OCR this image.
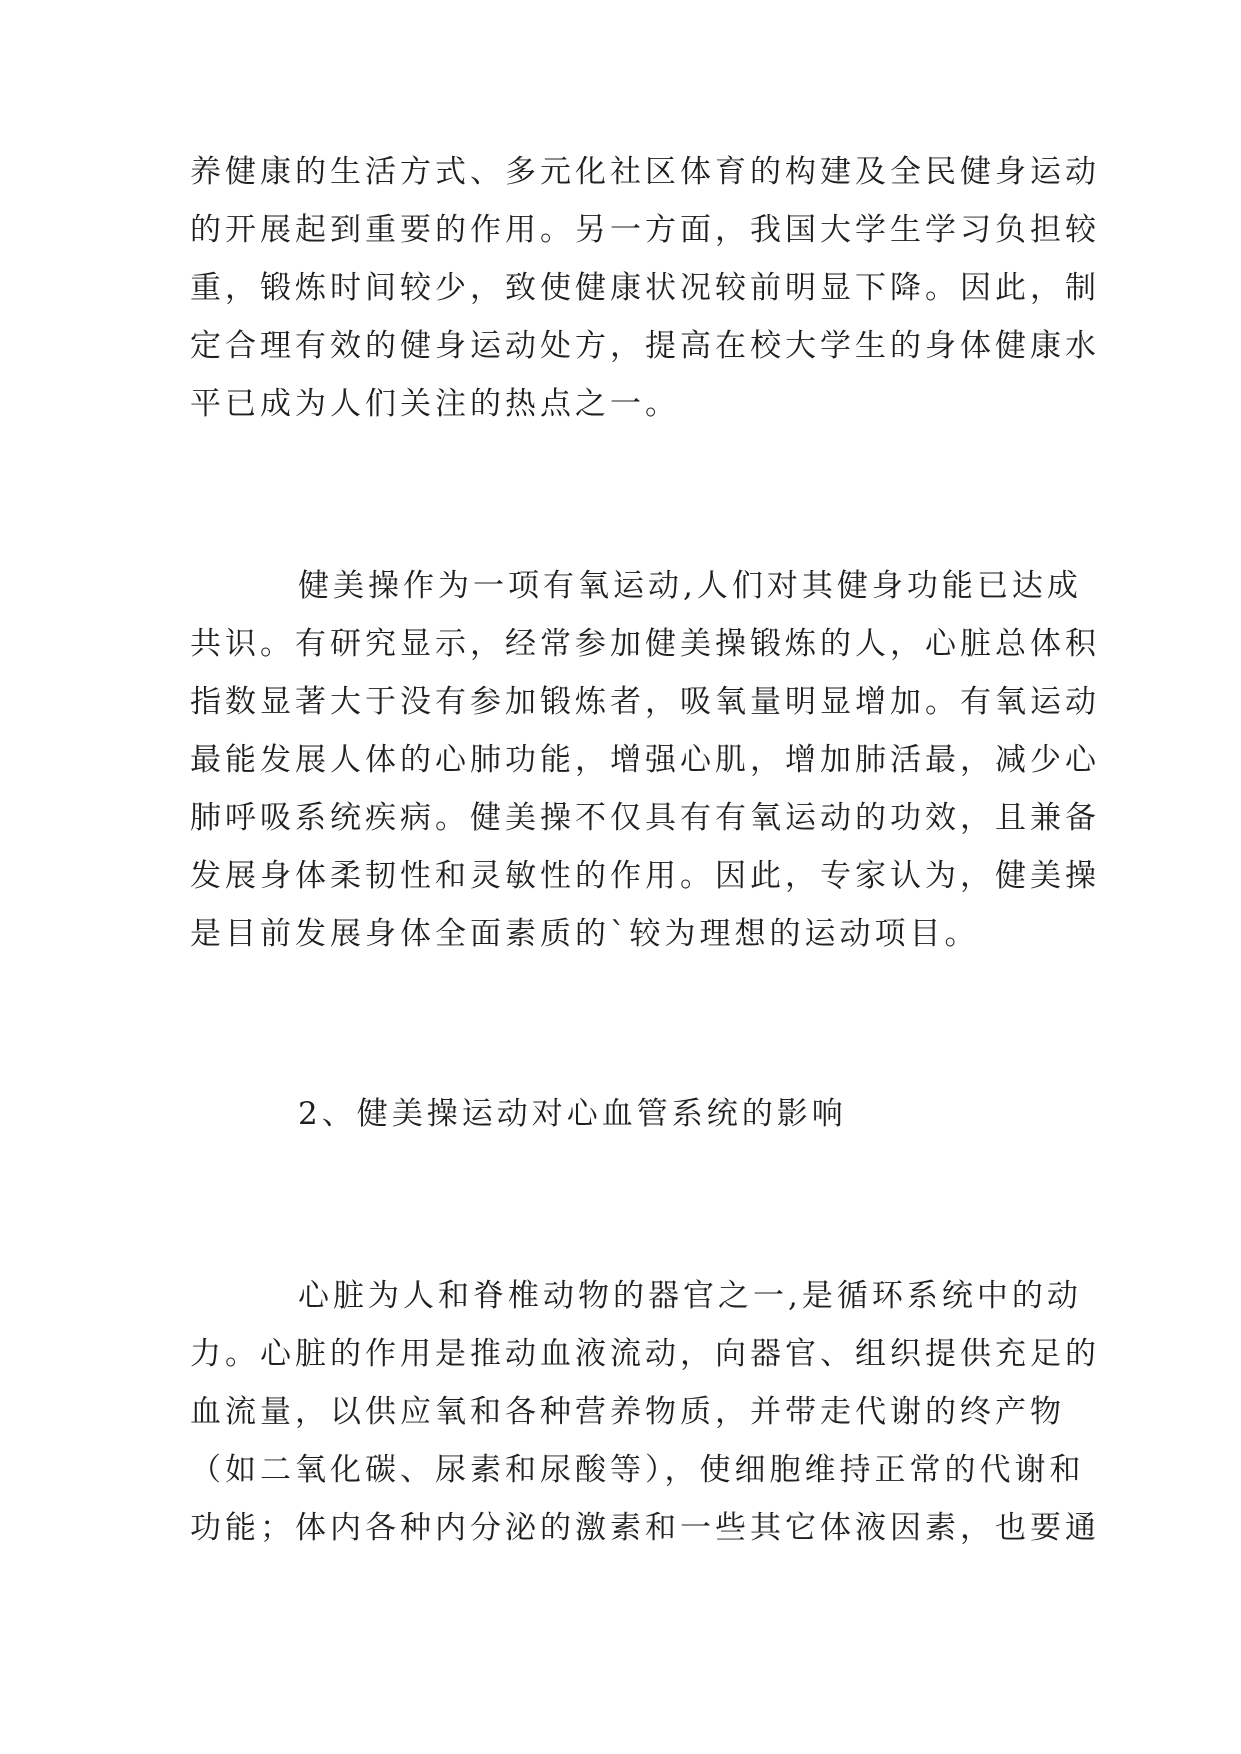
养健康的生活方式、多元化社区体育的构建及全民健身运动
的开展起到重要的作用。另一方面，我国大学生学习负担较
重，锻炼时间较少，致使健康状况较前明显下降。因此，制
定合理有效的健身运动处方，提高在校大学生的身体健康水
平已成为人们关注的热点之一。
健美操作为一项有氧运动,人们对其健身功能已达成
共识。有研究显示，经常参加健美操锻炼的人，心脏总体积
指数显著大于没有参加锻炼者，吸氧量明显增加。有氧运动
最能发展人体的心肺功能，增强心肌，增加肺活最，减少心
肺呼吸系统疾病。健美操不仅具有有氧运动的功效，且兼备
发展身体柔韧性和灵敏性的作用。因此，专家认为，健美操
是目前发展身体全面素质的`较为理想的运动项目。
2、健美操运动对心血管系统的影响
心脏为人和脊椎动物的器官之一,是循环系统中的动
力。心脏的作用是推动血液流动，向器官、组织提供充足的
血流量，以供应氧和各种营养物质，并带走代谢的终产物
（如二氧化碳、尿素和尿酸等），使细胞维持正常的代谢和
功能；体内各种内分泌的激素和一些其它体液因素，也要通
